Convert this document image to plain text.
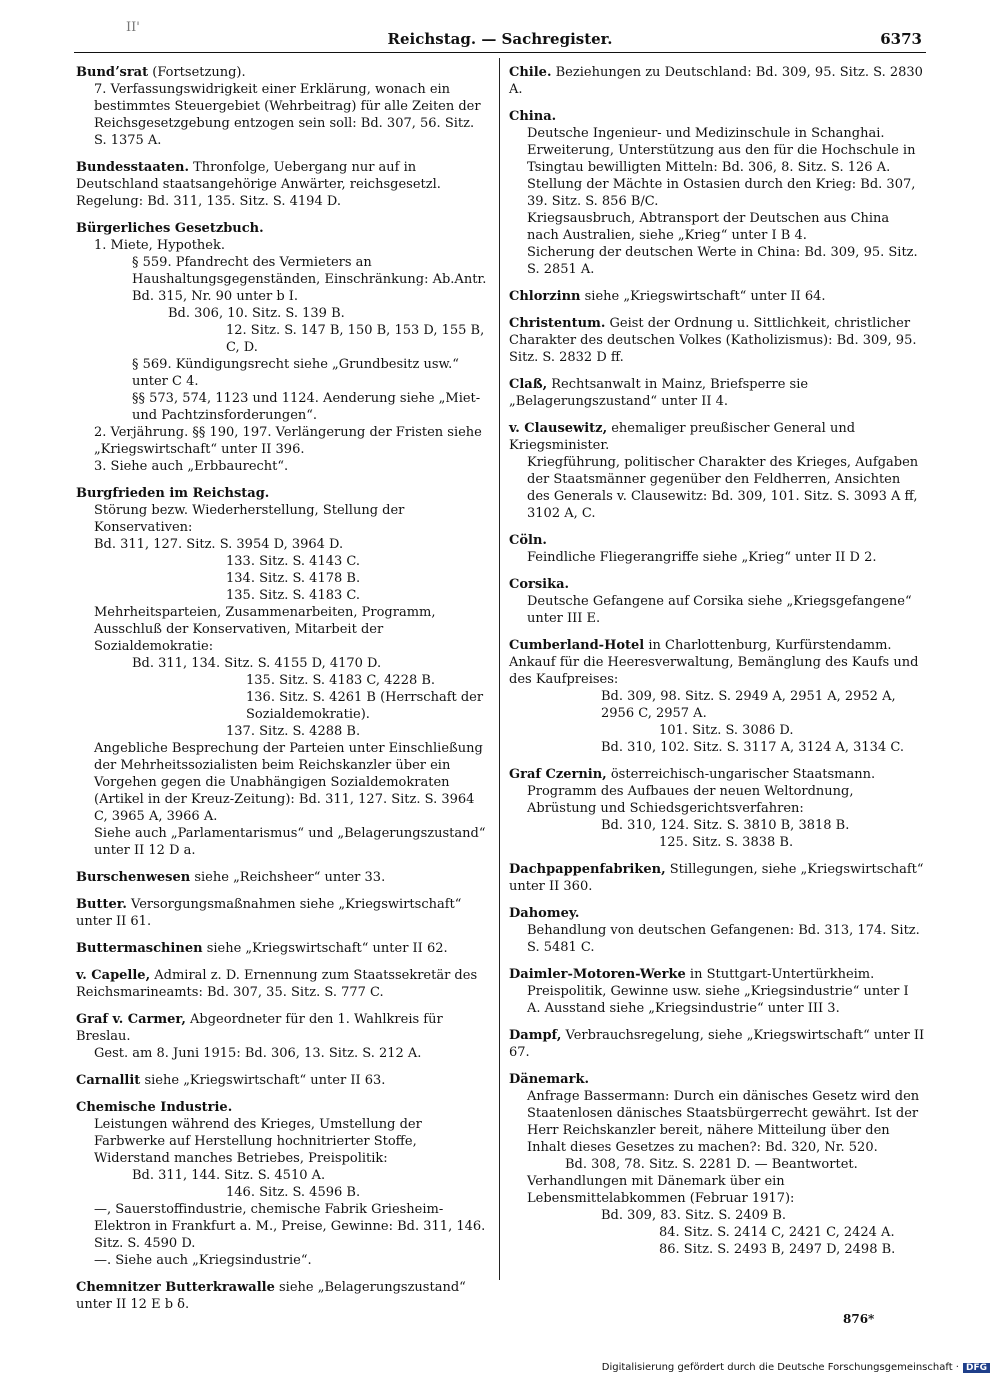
II'
Reichstag. — Sachregister.	6373

Bundʼsrat (Fortsetzung).

7. Verfassungswidrigkeit einer Erklärung, wonach ein bestimmtes Steuergebiet (Wehrbeitrag) für alle Zeiten der Reichsgesetzgebung entzogen sein soll: Bd. 307, 56. Sitz. S. 1375 A.

Bundesstaaten. Thronfolge, Uebergang nur auf in Deutschland staatsangehörige Anwärter, reichsgesetzl. Regelung: Bd. 311, 135. Sitz. S. 4194 D.

Bürgerliches Gesetzbuch.

1. Miete, Hypothek.

§ 559. Pfandrecht des Vermieters an Haushaltungsgegenständen, Einschränkung: Ab.Antr. Bd. 315, Nr. 90 unter b I.

Bd. 306, 10. Sitz. S. 139 B.

12. Sitz. S. 147 B, 150 B, 153 D, 155 B, C, D.

§ 569. Kündigungsrecht siehe „Grundbesitz usw.“ unter C 4.

§§ 573, 574, 1123 und 1124. Aenderung siehe „Miet- und Pachtzinsforderungen“.

2. Verjährung. §§ 190, 197. Verlängerung der Fristen siehe „Kriegswirtschaft“ unter II 396.

3. Siehe auch „Erbbaurecht“.

Burgfrieden im Reichstag.

Störung bezw. Wiederherstellung, Stellung der Konservativen:

Bd. 311, 127. Sitz. S. 3954 D, 3964 D.

133. Sitz. S. 4143 C.

134. Sitz. S. 4178 B.

135. Sitz. S. 4183 C.

Mehrheitsparteien, Zusammenarbeiten, Programm, Ausschluß der Konservativen, Mitarbeit der Sozialdemokratie:

Bd. 311, 134. Sitz. S. 4155 D, 4170 D.

135. Sitz. S. 4183 C, 4228 B.

136. Sitz. S. 4261 B (Herrschaft der Sozialdemokratie).

137. Sitz. S. 4288 B.

Angebliche Besprechung der Parteien unter Einschließung der Mehrheitssozialisten beim Reichskanzler über ein Vorgehen gegen die Unabhängigen Sozialdemokraten (Artikel in der Kreuz-Zeitung): Bd. 311, 127. Sitz. S. 3964 C, 3965 A, 3966 A.

Siehe auch „Parlamentarismus“ und „Belagerungszustand“ unter II 12 D a.

Burschenwesen siehe „Reichsheer“ unter 33.

Butter. Versorgungsmaßnahmen siehe „Kriegswirtschaft“ unter II 61.

Buttermaschinen siehe „Kriegswirtschaft“ unter II 62.

v. Capelle, Admiral z. D. Ernennung zum Staatssekretär des Reichsmarineamts: Bd. 307, 35. Sitz. S. 777 C.

Graf v. Carmer, Abgeordneter für den 1. Wahlkreis für Breslau.

Gest. am 8. Juni 1915: Bd. 306, 13. Sitz. S. 212 A.

Carnallit siehe „Kriegswirtschaft“ unter II 63.

Chemische Industrie.

Leistungen während des Krieges, Umstellung der Farbwerke auf Herstellung hochnitrierter Stoffe, Widerstand manches Betriebes, Preispolitik:

Bd. 311, 144. Sitz. S. 4510 A.

146. Sitz. S. 4596 B.

—, Sauerstoffindustrie, chemische Fabrik Griesheim-Elektron in Frankfurt a. M., Preise, Gewinne: Bd. 311, 146. Sitz. S. 4590 D.

—. Siehe auch „Kriegsindustrie“.

Chemnitzer Butterkrawalle siehe „Belagerungszustand“ unter II 12 E b δ.

Chile. Beziehungen zu Deutschland: Bd. 309, 95. Sitz. S. 2830 A.

China.

Deutsche Ingenieur- und Medizinschule in Schanghai. Erweiterung, Unterstützung aus den für die Hochschule in Tsingtau bewilligten Mitteln: Bd. 306, 8. Sitz. S. 126 A.

Stellung der Mächte in Ostasien durch den Krieg: Bd. 307, 39. Sitz. S. 856 B/C.

Kriegsausbruch, Abtransport der Deutschen aus China nach Australien, siehe „Krieg“ unter I B 4.

Sicherung der deutschen Werte in China: Bd. 309, 95. Sitz. S. 2851 A.

Chlorzinn siehe „Kriegswirtschaft“ unter II 64.

Christentum. Geist der Ordnung u. Sittlichkeit, christlicher Charakter des deutschen Volkes (Katholizismus): Bd. 309, 95. Sitz. S. 2832 D ff.

Claß, Rechtsanwalt in Mainz, Briefsperre sie „Belagerungszustand“ unter II 4.

v. Clausewitz, ehemaliger preußischer General und Kriegsminister.

Kriegführung, politischer Charakter des Krieges, Aufgaben der Staatsmänner gegenüber den Feldherren, Ansichten des Generals v. Clausewitz: Bd. 309, 101. Sitz. S. 3093 A ff, 3102 A, C.

Cöln.

Feindliche Fliegerangriffe siehe „Krieg“ unter II D 2.

Corsika.

Deutsche Gefangene auf Corsika siehe „Kriegsgefangene“ unter III E.

Cumberland-Hotel in Charlottenburg, Kurfürstendamm. Ankauf für die Heeresverwaltung, Bemänglung des Kaufs und des Kaufpreises:

Bd. 309, 98. Sitz. S. 2949 A, 2951 A, 2952 A, 2956 C, 2957 A.

101. Sitz. S. 3086 D.

Bd. 310, 102. Sitz. S. 3117 A, 3124 A, 3134 C.

Graf Czernin, österreichisch-ungarischer Staatsmann.

Programm des Aufbaues der neuen Weltordnung, Abrüstung und Schiedsgerichtsverfahren:

Bd. 310, 124. Sitz. S. 3810 B, 3818 B.

125. Sitz. S. 3838 B.

Dachpappenfabriken, Stillegungen, siehe „Kriegswirtschaft“ unter II 360.

Dahomey.

Behandlung von deutschen Gefangenen: Bd. 313, 174. Sitz. S. 5481 C.

Daimler-Motoren-Werke in Stuttgart-Untertürkheim.

Preispolitik, Gewinne usw. siehe „Kriegsindustrie“ unter I A. Ausstand siehe „Kriegsindustrie“ unter III 3.

Dampf, Verbrauchsregelung, siehe „Kriegswirtschaft“ unter II 67.

Dänemark.

Anfrage Bassermann: Durch ein dänisches Gesetz wird den Staatenlosen dänisches Staatsbürgerrecht gewährt. Ist der Herr Reichskanzler bereit, nähere Mitteilung über den Inhalt dieses Gesetzes zu machen?: Bd. 320, Nr. 520.

Bd. 308, 78. Sitz. S. 2281 D. — Beantwortet.

Verhandlungen mit Dänemark über ein Lebensmittelabkommen (Februar 1917):

Bd. 309, 83. Sitz. S. 2409 B.

84. Sitz. S. 2414 C, 2421 C, 2424 A.

86. Sitz. S. 2493 B, 2497 D, 2498 B.

876*
Digitalisierung gefördert durch die Deutsche Forschungsgemeinschaft · DFG
